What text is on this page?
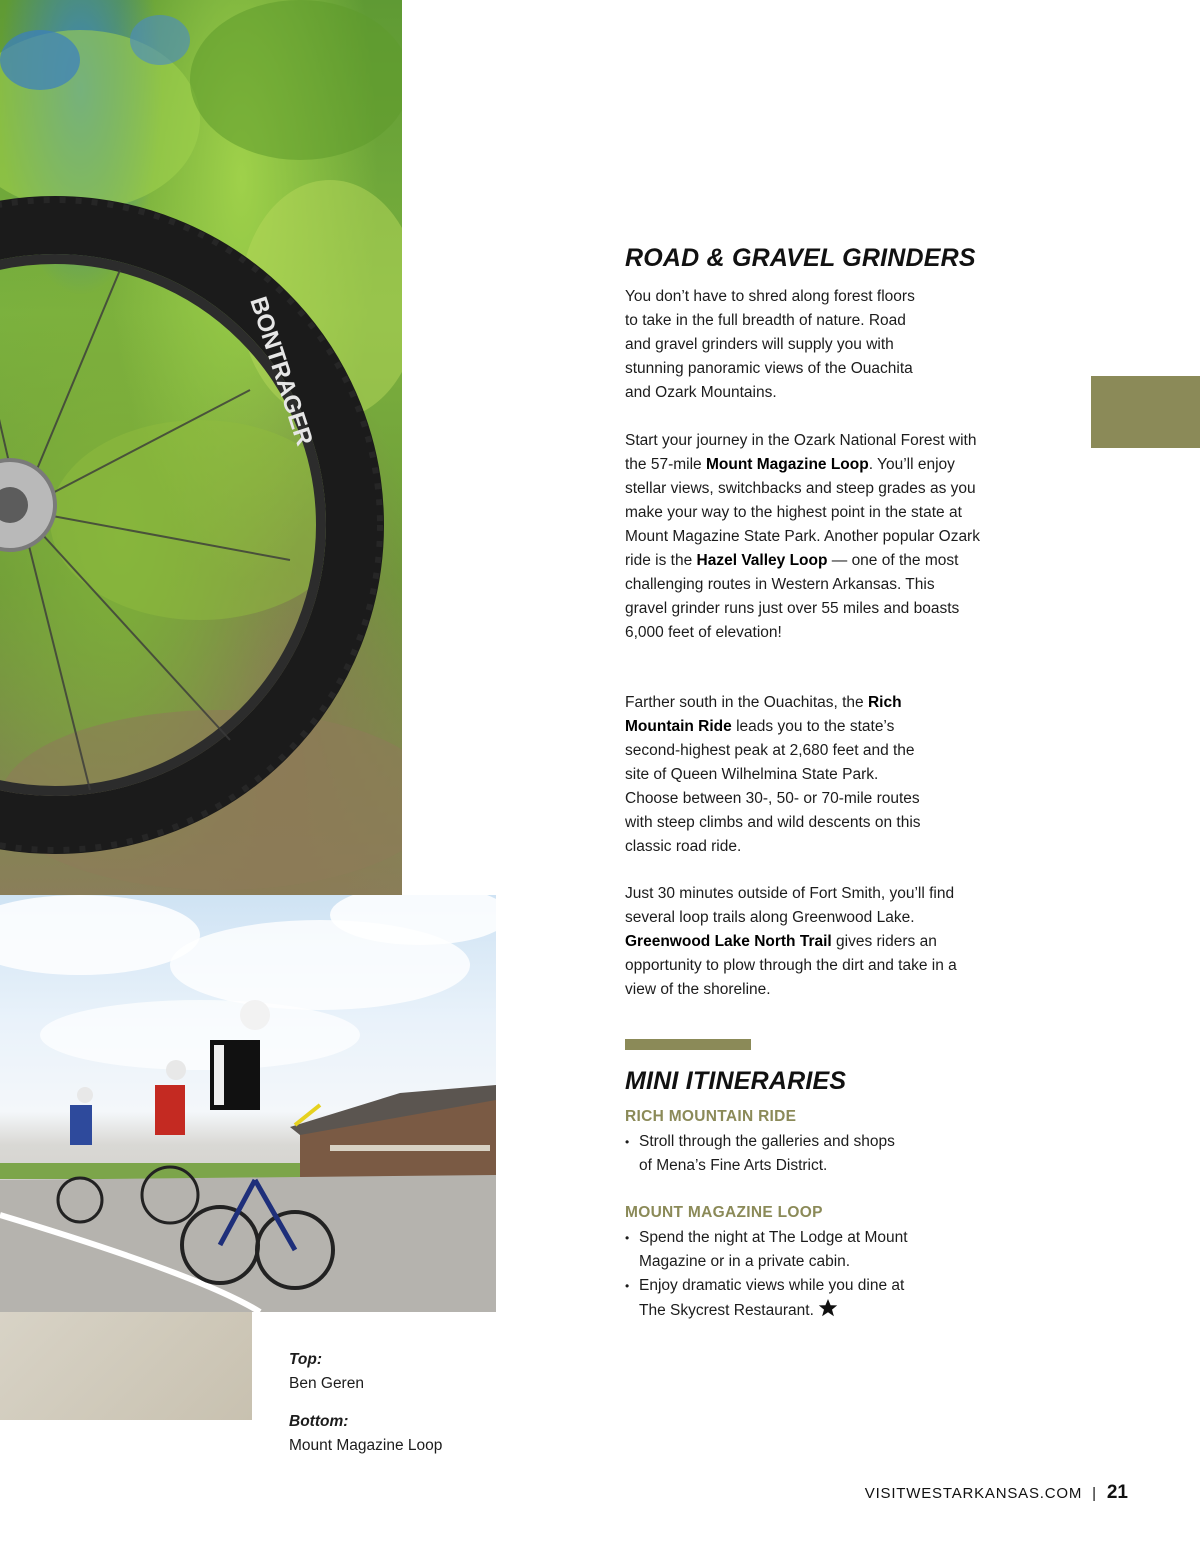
BONTRAGER
ROAD & GRAVEL GRINDERS
You don’t have to shred along forest floors to take in the full breadth of nature. Road and gravel grinders will supply you with stunning panoramic views of the Ouachita and Ozark Mountains.
Start your journey in the Ozark National Forest with the 57-mile Mount Magazine Loop. You’ll enjoy stellar views, switchbacks and steep grades as you make your way to the highest point in the state at Mount Magazine State Park. Another popular Ozark ride is the Hazel Valley Loop — one of the most challenging routes in Western Arkansas. This gravel grinder runs just over 55 miles and boasts 6,000 feet of elevation!
Farther south in the Ouachitas, the Rich Mountain Ride leads you to the state’s second-highest peak at 2,680 feet and the site of Queen Wilhelmina State Park. Choose between 30-, 50- or 70-mile routes with steep climbs and wild descents on this classic road ride.
Just 30 minutes outside of Fort Smith, you’ll find several loop trails along Greenwood Lake. Greenwood Lake North Trail gives riders an opportunity to plow through the dirt and take in a view of the shoreline.
MINI ITINERARIES
RICH MOUNTAIN RIDE
• Stroll through the galleries and shops of Mena’s Fine Arts District.
MOUNT MAGAZINE LOOP
• Spend the night at The Lodge at Mount Magazine or in a private cabin.
• Enjoy dramatic views while you dine at The Skycrest Restaurant.
Top:
Ben Geren
Bottom:
Mount Magazine Loop
VISITWESTARKANSAS.COM | 21
